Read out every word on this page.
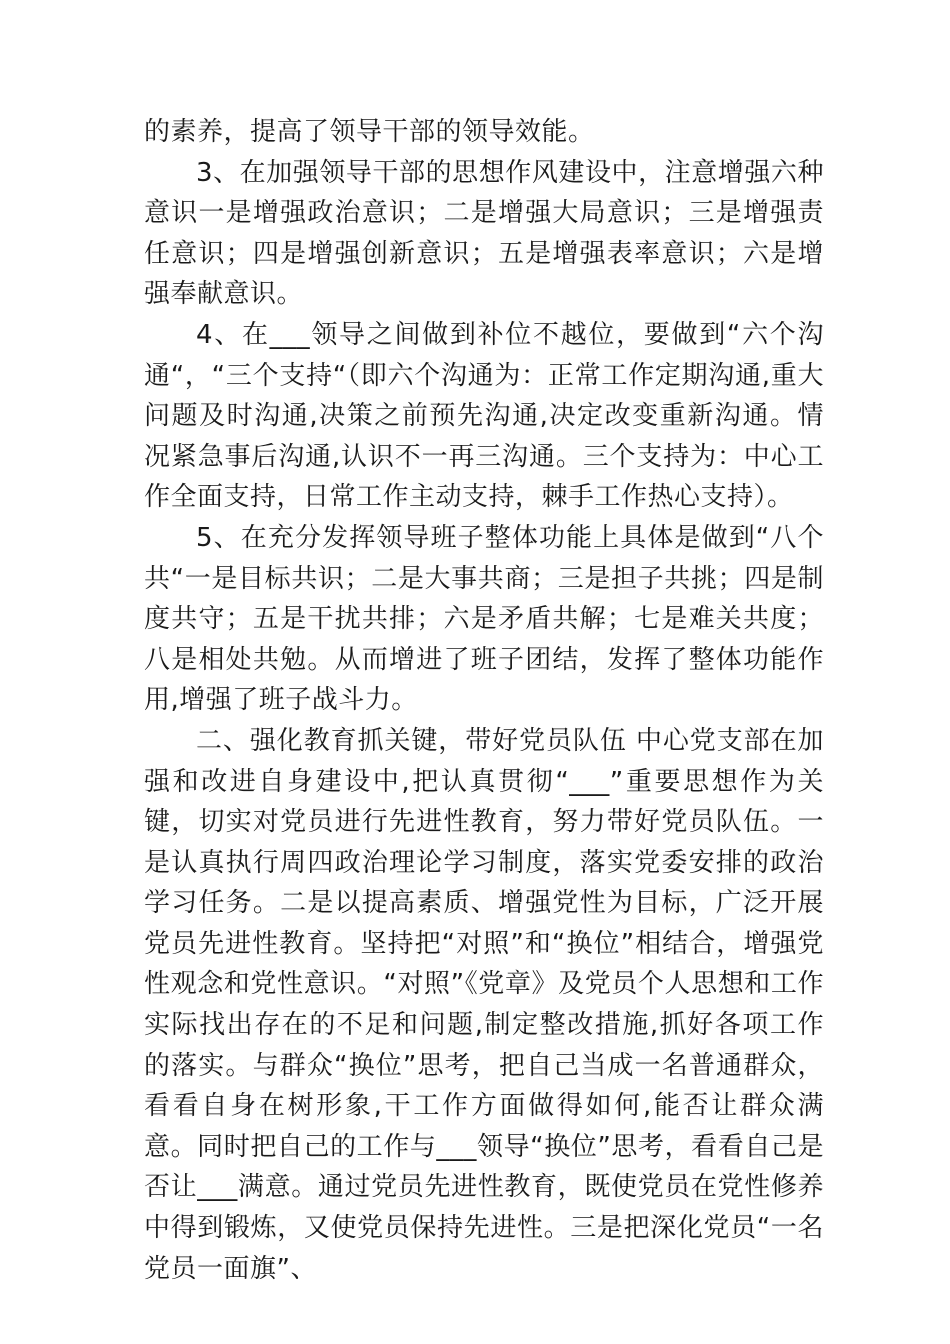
的素养，提高了领导干部的领导效能。

3、在加强领导干部的思想作风建设中，注意增强六种意识一是增强政治意识；二是增强大局意识；三是增强责任意识；四是增强创新意识；五是增强表率意识；六是增强奉献意识。

4、在___领导之间做到补位不越位，要做到“六个沟通“，“三个支持“（即六个沟通为：正常工作定期沟通,重大问题及时沟通,决策之前预先沟通,决定改变重新沟通。情况紧急事后沟通,认识不一再三沟通。三个支持为：中心工作全面支持，日常工作主动支持，棘手工作热心支持）。

5、在充分发挥领导班子整体功能上具体是做到“八个共“一是目标共识；二是大事共商；三是担子共挑；四是制度共守；五是干扰共排；六是矛盾共解；七是难关共度；八是相处共勉。从而增进了班子团结，发挥了整体功能作用,增强了班子战斗力。

二、强化教育抓关键，带好党员队伍 中心党支部在加强和改进自身建设中,把认真贯彻“___”重要思想作为关键，切实对党员进行先进性教育，努力带好党员队伍。一是认真执行周四政治理论学习制度，落实党委安排的政治学习任务。二是以提高素质、增强党性为目标，广泛开展党员先进性教育。坚持把“对照”和“换位”相结合，增强党性观念和党性意识。“对照”《党章》及党员个人思想和工作实际找出存在的不足和问题,制定整改措施,抓好各项工作的落实。与群众“换位”思考，把自己当成一名普通群众，看看自身在树形象,干工作方面做得如何,能否让群众满意。同时把自己的工作与___领导“换位”思考，看看自己是否让___满意。通过党员先进性教育，既使党员在党性修养中得到锻炼，又使党员保持先进性。三是把深化党员“一名党员一面旗”、
